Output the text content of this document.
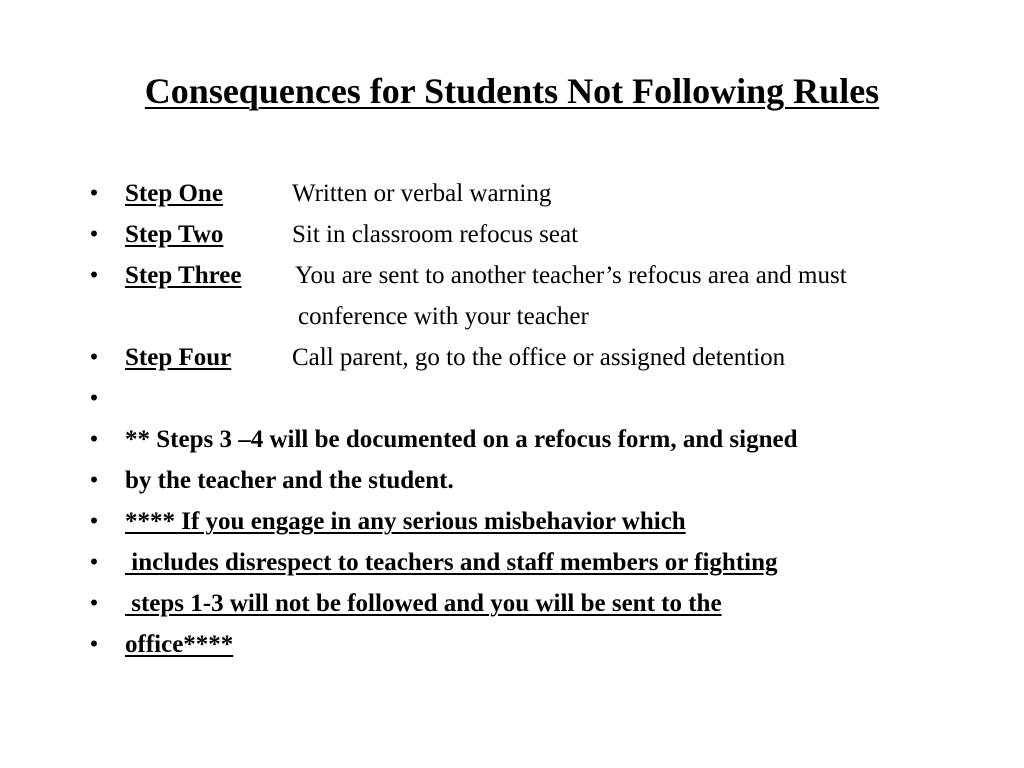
Consequences for Students Not Following Rules
• Step One	Written or verbal warning
• Step Two	Sit in classroom refocus seat
• Step Three You are sent to another teacher’s refocus area and must
conference with your teacher
• Step Four Call parent, go to the office or assigned detention
•
• ** Steps 3 –4 will be documented on a refocus form, and signed
• by the teacher and the student.
• **** If you engage in any serious misbehavior which
• includes disrespect to teachers and staff members or fighting
• steps 1-3 will not be followed and you will be sent to the
• office****
